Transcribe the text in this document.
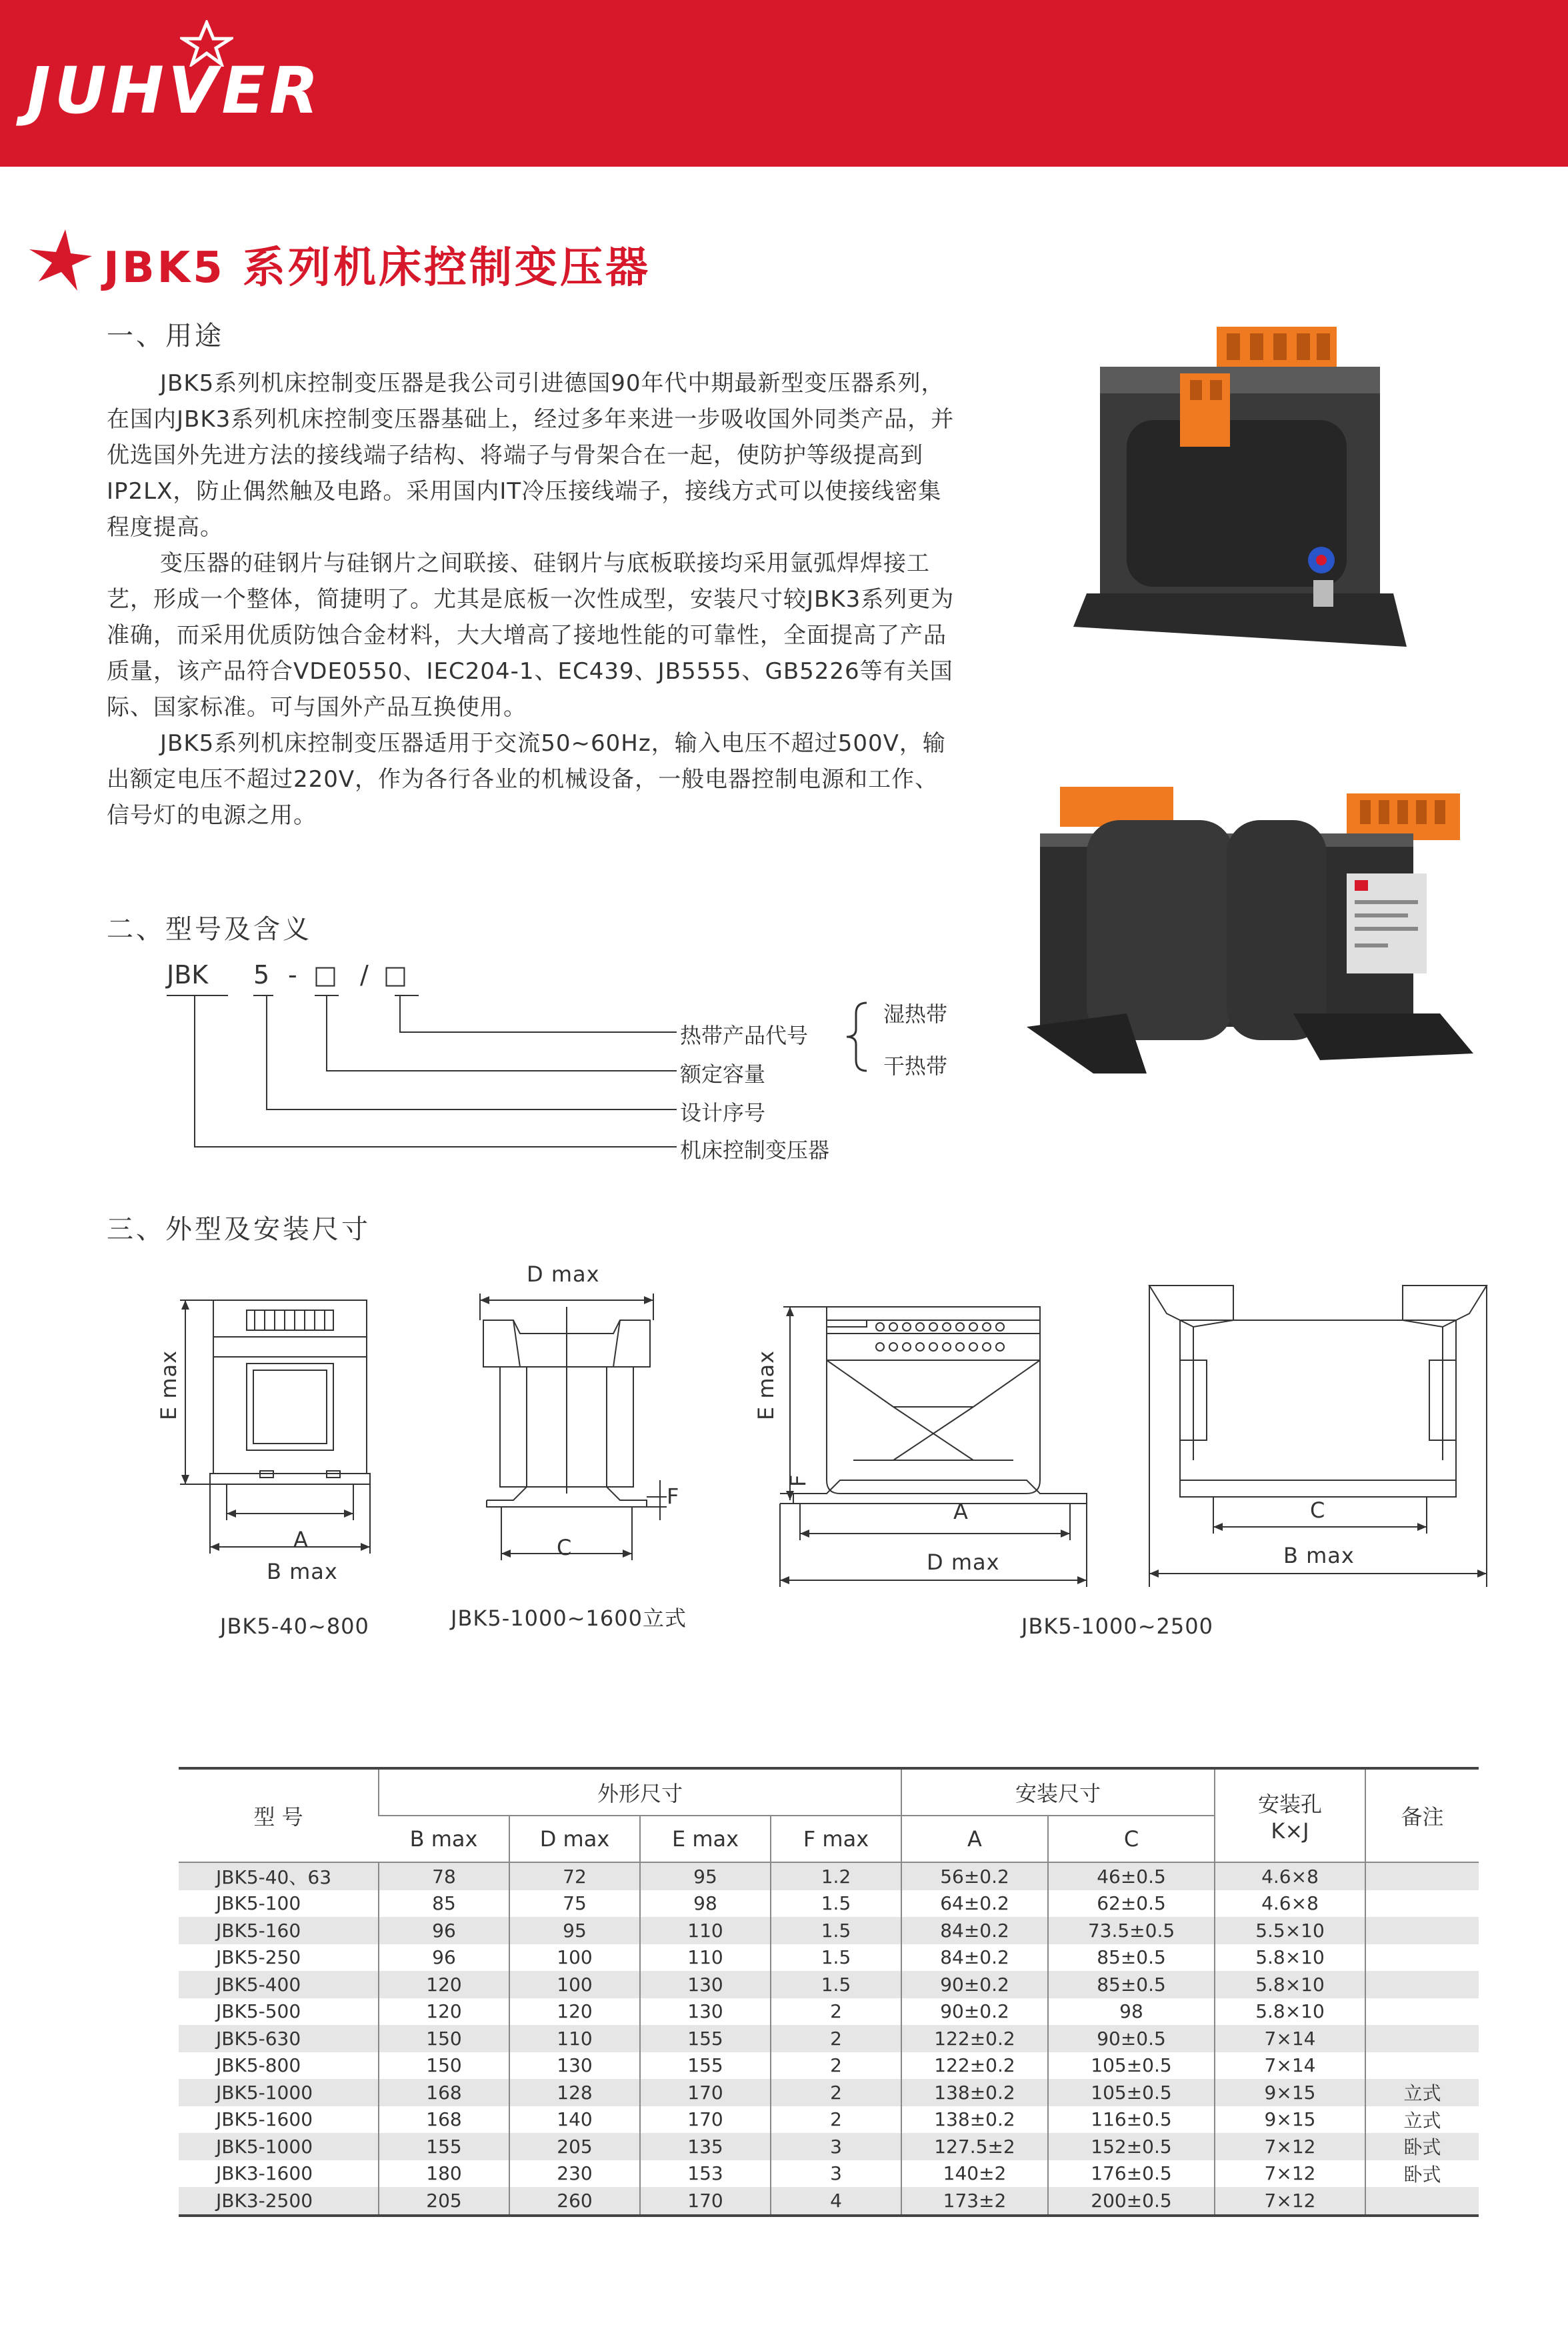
JUHVER
JBK5 系列机床控制变压器
一、用途

JBK5系列机床控制变压器是我公司引进德国90年代中期最新型变压器系列，在国内JBK3系列机床控制变压器基础上，经过多年来进一步吸收国外同类产品，并优选国外先进方法的接线端子结构、将端子与骨架合在一起，使防护等级提高到IP2LX，防止偶然触及电路。采用国内IT冷压接线端子，接线方式可以使接线密集程度提高。

变压器的硅钢片与硅钢片之间联接、硅钢片与底板联接均采用氩弧焊焊接工艺，形成一个整体，简捷明了。尤其是底板一次性成型，安装尺寸较JBK3系列更为准确，而采用优质防蚀合金材料，大大增高了接地性能的可靠性，全面提高了产品质量，该产品符合VDE0550、IEC204-1、EC439、JB5555、GB5226等有关国际、国家标准。可与国外产品互换使用。

JBK5系列机床控制变压器适用于交流50~60Hz，输入电压不超过500V，输出额定电压不超过220V，作为各行各业的机械设备，一般电器控制电源和工作、信号灯的电源之用。

二、型号及含义
JBK 5 - □ / □
热带产品代号
额定容量
设计序号
机床控制变压器
湿热带
干热带
三、外型及安装尺寸
E max
A
B max
JBK5-40~800
D max
C
F
JBK5-1000~1600立式
E max
F
A
D max
JBK5-1000~2500
C
B max
型 号	外形尺寸				安装尺寸		安装孔
K×J	备注
	B max	D max	E max	F max	A	C		
JBK5-40、63	78	72	95	1.2	56±0.2	46±0.5	4.6×8	
JBK5-100	85	75	98	1.5	64±0.2	62±0.5	4.6×8	
JBK5-160	96	95	110	1.5	84±0.2	73.5±0.5	5.5×10	
JBK5-250	96	100	110	1.5	84±0.2	85±0.5	5.8×10	
JBK5-400	120	100	130	1.5	90±0.2	85±0.5	5.8×10	
JBK5-500	120	120	130	2	90±0.2	98	5.8×10	
JBK5-630	150	110	155	2	122±0.2	90±0.5	7×14	
JBK5-800	150	130	155	2	122±0.2	105±0.5	7×14	
JBK5-1000	168	128	170	2	138±0.2	105±0.5	9×15	立式
JBK5-1600	168	140	170	2	138±0.2	116±0.5	9×15	立式
JBK5-1000	155	205	135	3	127.5±2	152±0.5	7×12	卧式
JBK3-1600	180	230	153	3	140±2	176±0.5	7×12	卧式
JBK3-2500	205	260	170	4	173±2	200±0.5	7×12	
